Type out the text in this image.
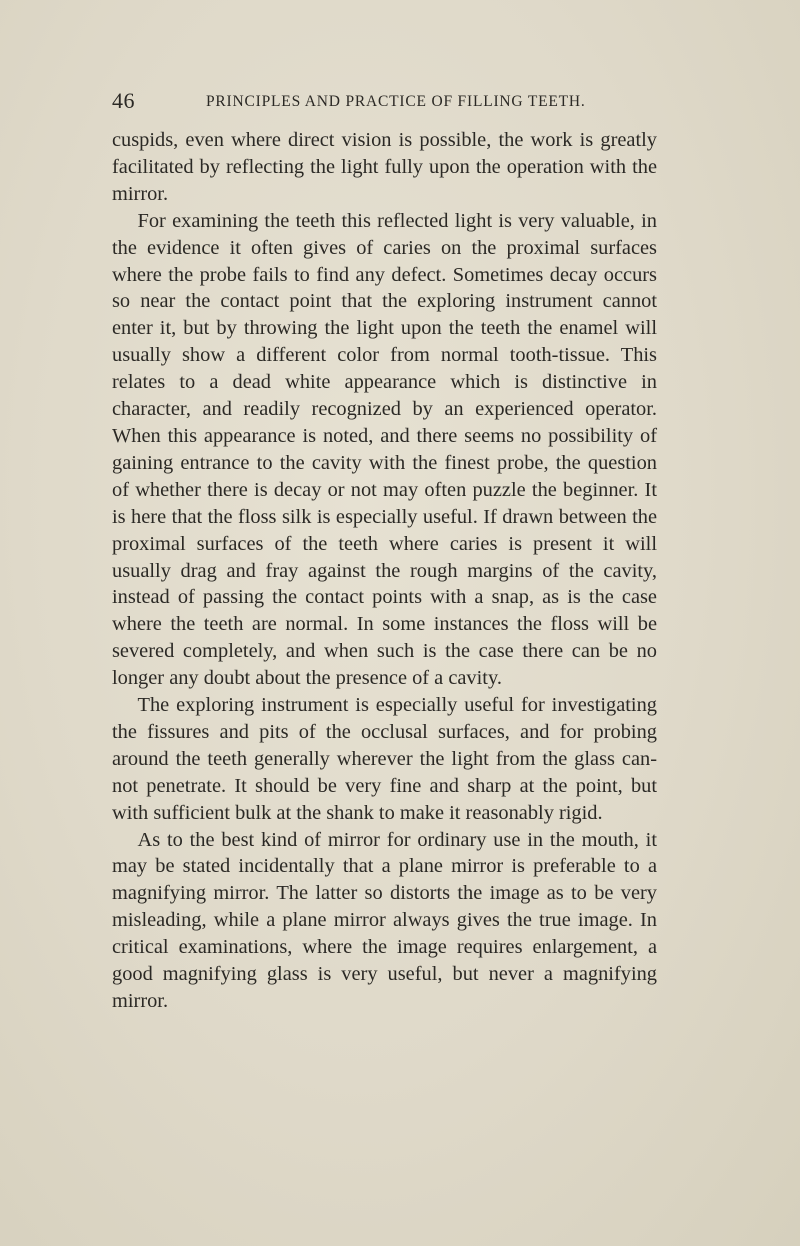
46	PRINCIPLES AND PRACTICE OF FILLING TEETH.

cuspids, even where direct vision is possible, the work is greatly facilitated by reflecting the light fully upon the operation with the mirror.

For examining the teeth this reflected light is very valuable, in the evidence it often gives of caries on the proximal surfaces where the probe fails to find any defect. Sometimes decay occurs so near the contact point that the exploring instrument cannot enter it, but by throwing the light upon the teeth the enamel will usually show a different color from normal tooth-tissue. This relates to a dead white appearance which is distinctive in character, and readily recognized by an experienced operator. When this appearance is noted, and there seems no possibility of gaining entrance to the cavity with the finest probe, the question of whether there is decay or not may often puzzle the beginner. It is here that the floss silk is especially useful. If drawn between the proximal surfaces of the teeth where caries is present it will usually drag and fray against the rough margins of the cavity, instead of passing the contact points with a snap, as is the case where the teeth are normal. In some instances the floss will be severed completely, and when such is the case there can be no longer any doubt about the presence of a cavity.

The exploring instrument is especially useful for investigating the fissures and pits of the occlusal surfaces, and for probing around the teeth generally wherever the light from the glass can- not penetrate. It should be very fine and sharp at the point, but with sufficient bulk at the shank to make it reasonably rigid.

As to the best kind of mirror for ordinary use in the mouth, it may be stated incidentally that a plane mirror is preferable to a magnifying mirror. The latter so distorts the image as to be very misleading, while a plane mirror always gives the true image. In critical examinations, where the image requires enlargement, a good magnifying glass is very useful, but never a magnifying mirror.
